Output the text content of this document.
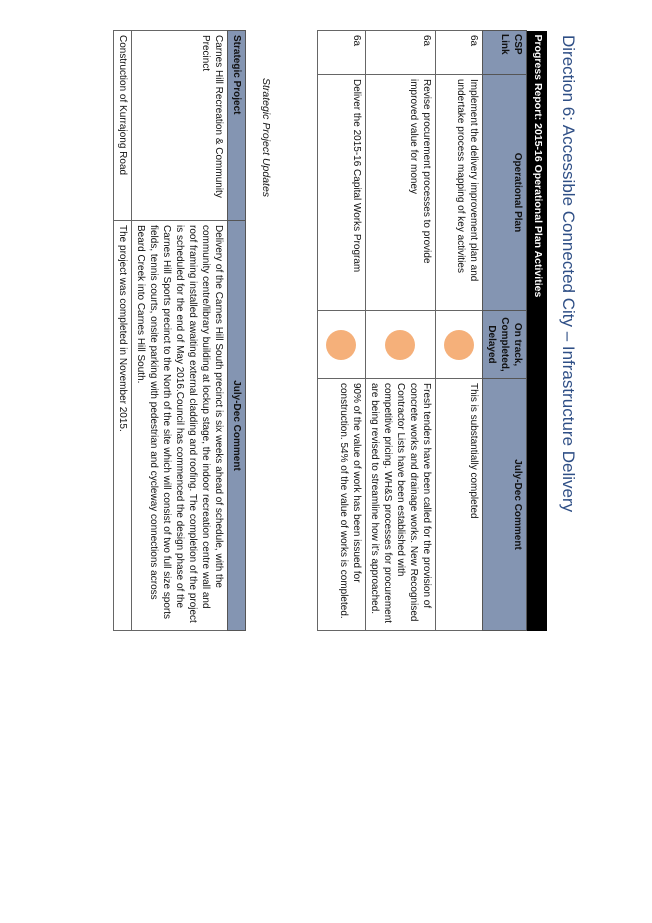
Direction 6: Accessible Connected City – Infrastructure Delivery
Progress Report: 2015-16 Operational Plan Activities			
CSP Link	Operational Plan	On track, Completed, Delayed	July-Dec Comment
6a	Implement the delivery improvement plan and undertake process mapping of key activities		This is substantially completed
6a	Revise procurement processes to provide improved value for money		Fresh tenders have been called for the provision of concrete works and drainage works. New Recognised Contractor Lists have been established with competitive pricing. WH&S processes for procurement are being revised to streamline how it’s approached.
6a	Deliver the 2015-16 Capital Works Program		90% of the value of work has been issued for construction. 54% of the value of works is completed.
Strategic Project Updates
Strategic Project	July-Dec Comment
Carnes Hill Recreation & Community Precinct	Delivery of the Carnes Hill South precinct is six weeks ahead of schedule, with the community centre/library building at lockup stage, the indoor recreation centre wall and roof framing installed awaiting external cladding and roofing. The completion of the project is scheduled for the end of May 2016.Council has commenced the design phase of the Carnes Hill Sports precinct to the North of the site which will consist of two full size sports fields, tennis courts, onsite parking with pedestrian and cycleway connections across Beard Creek into Carnes Hill South.
Construction of Kurrajong Road	The project was completed in November 2015.
